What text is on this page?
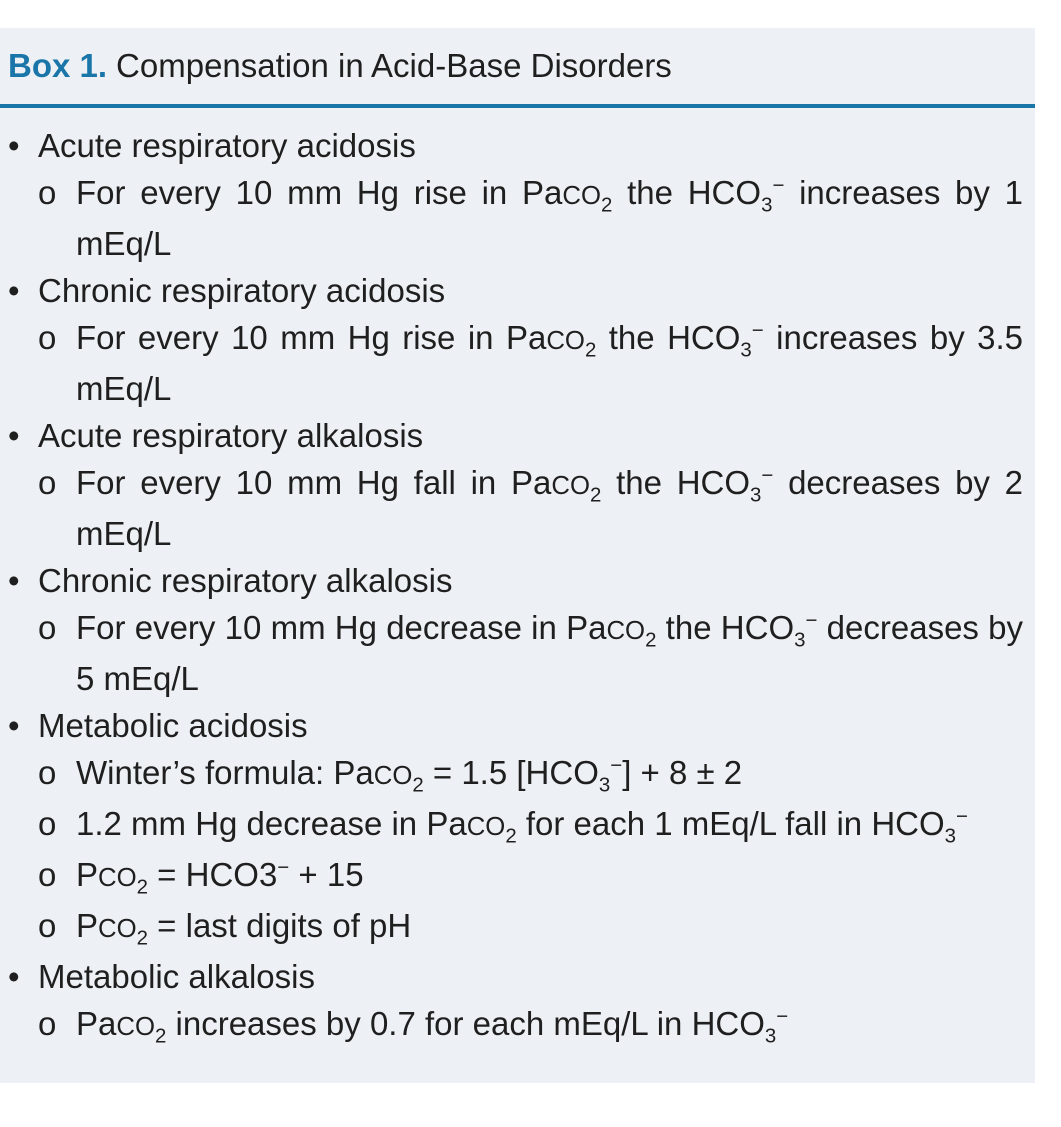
Box 1. Compensation in Acid-Base Disorders
• Acute respiratory acidosis
o For every 10 mm Hg rise in PaCO$_2$ the $HCO_3^-$ increases by 1 mEq/L
• Chronic respiratory acidosis
o For every 10 mm Hg rise in PaCO$_2$ the $HCO_3^-$ increases by 3.5 mEq/L
• Acute respiratory alkalosis
o For every 10 mm Hg fall in PaCO$_2$ the $HCO_3^-$ decreases by 2 mEq/L
• Chronic respiratory alkalosis
o For every 10 mm Hg decrease in PaCO$_2$ the $HCO_3^-$ decreases by 5 mEq/L
• Metabolic acidosis
o Winter’s formula: PaCO$_2$ = 1.5 $[HCO_3^-] + 8 \pm 2$
o 1.2 mm Hg decrease in PaCO$_2$ for each 1 mEq/L fall in $HCO_3^-$
o $PCO_2 = HCO3^- + 15$
o $PCO_2$ = last digits of pH
• Metabolic alkalosis
o PaCO$_2$ increases by 0.7 for each mEq/L in $HCO_3^-$
